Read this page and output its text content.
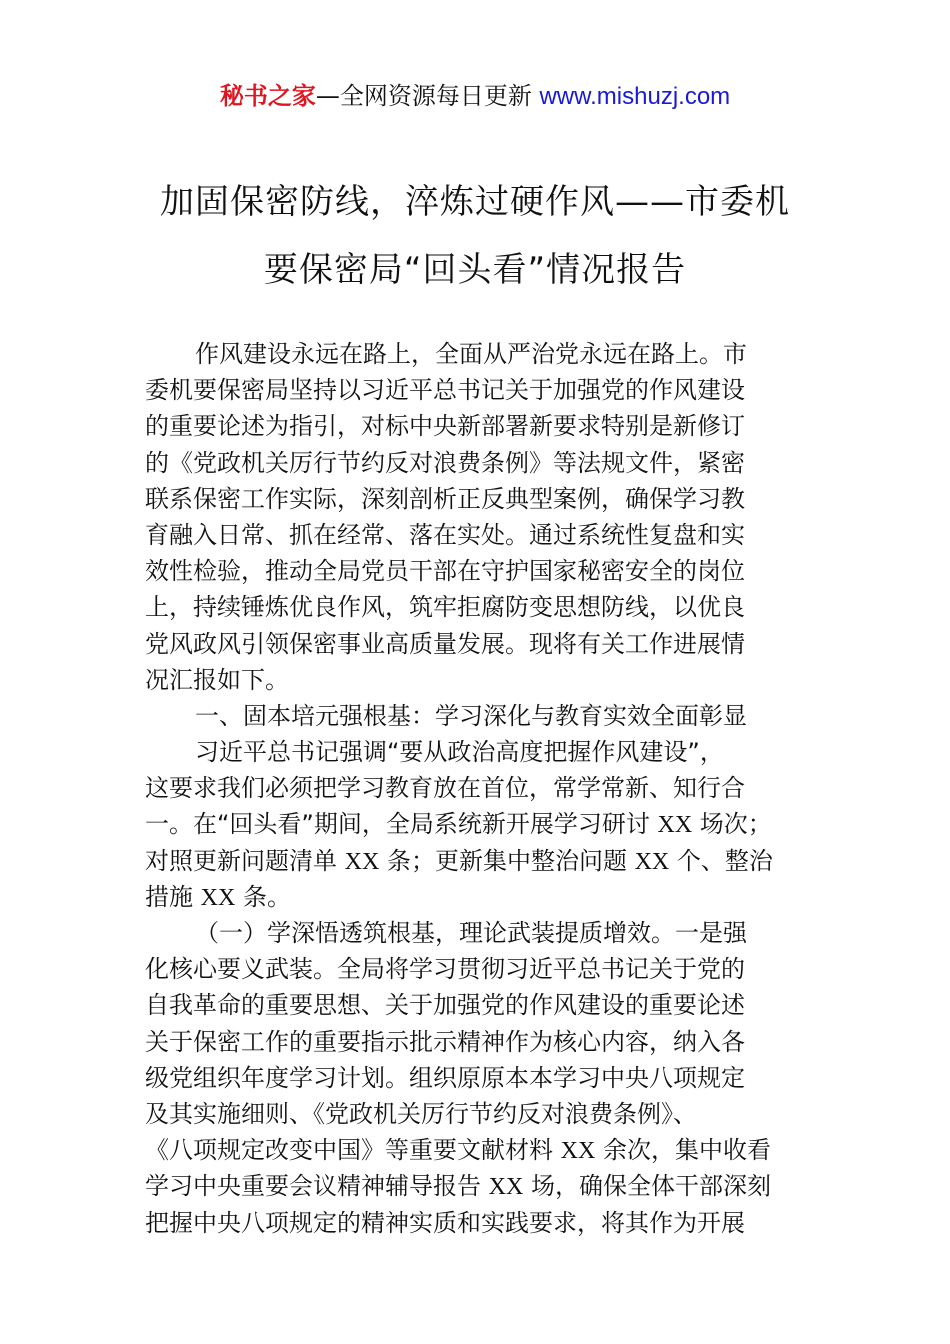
秘书之家—全网资源每日更新 www.mishuzj.com
加固保密防线，淬炼过硬作风——市委机
要保密局“回头看”情况报告
作风建设永远在路上，全面从严治党永远在路上。市
委机要保密局坚持以习近平总书记关于加强党的作风建设
的重要论述为指引，对标中央新部署新要求特别是新修订
的《党政机关厉行节约反对浪费条例》等法规文件，紧密
联系保密工作实际，深刻剖析正反典型案例，确保学习教
育融入日常、抓在经常、落在实处。通过系统性复盘和实
效性检验，推动全局党员干部在守护国家秘密安全的岗位
上，持续锤炼优良作风，筑牢拒腐防变思想防线，以优良
党风政风引领保密事业高质量发展。现将有关工作进展情
况汇报如下。
一、固本培元强根基：学习深化与教育实效全面彰显
习近平总书记强调“要从政治高度把握作风建设”，
这要求我们必须把学习教育放在首位，常学常新、知行合
一。在“回头看”期间，全局系统新开展学习研讨 XX 场次；
对照更新问题清单 XX 条；更新集中整治问题 XX 个、整治
措施 XX 条。
（一）学深悟透筑根基，理论武装提质增效。一是强
化核心要义武装。全局将学习贯彻习近平总书记关于党的
自我革命的重要思想、关于加强党的作风建设的重要论述
关于保密工作的重要指示批示精神作为核心内容，纳入各
级党组织年度学习计划。组织原原本本学习中央八项规定
及其实施细则、《党政机关厉行节约反对浪费条例》、
《八项规定改变中国》等重要文献材料 XX 余次，集中收看
学习中央重要会议精神辅导报告 XX 场，确保全体干部深刻
把握中央八项规定的精神实质和实践要求，将其作为开展
